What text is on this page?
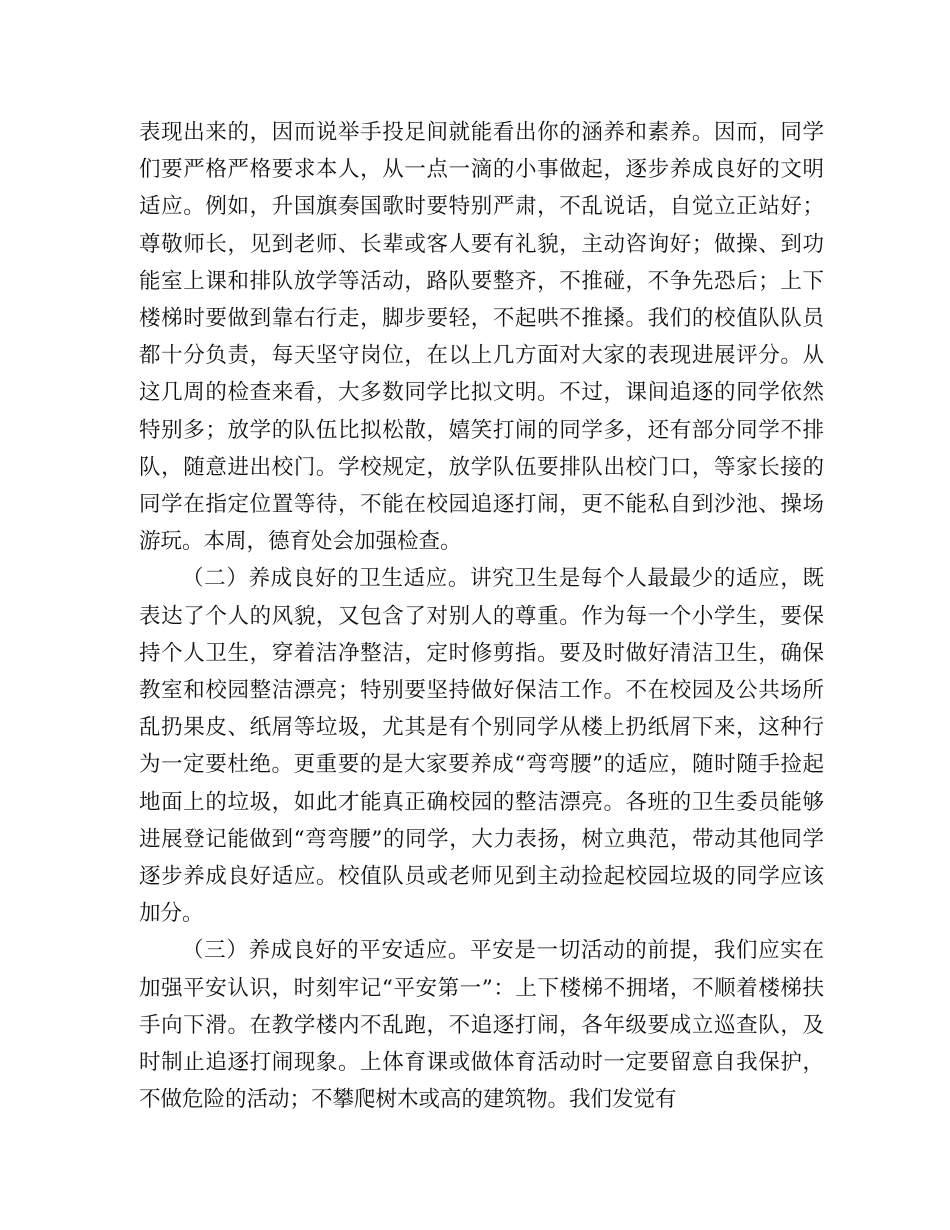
表现出来的，因而说举手投足间就能看出你的涵养和素养。因而，同学们要严格严格要求本人，从一点一滴的小事做起，逐步养成良好的文明适应。例如，升国旗奏国歌时要特别严肃，不乱说话，自觉立正站好；尊敬师长，见到老师、长辈或客人要有礼貌，主动咨询好；做操、到功能室上课和排队放学等活动，路队要整齐，不推碰，不争先恐后；上下楼梯时要做到靠右行走，脚步要轻，不起哄不推搡。我们的校值队队员都十分负责，每天坚守岗位，在以上几方面对大家的表现进展评分。从这几周的检查来看，大多数同学比拟文明。不过，课间追逐的同学依然特别多；放学的队伍比拟松散，嬉笑打闹的同学多，还有部分同学不排队，随意进出校门。学校规定，放学队伍要排队出校门口，等家长接的同学在指定位置等待，不能在校园追逐打闹，更不能私自到沙池、操场游玩。本周，德育处会加强检查。

（二）养成良好的卫生适应。讲究卫生是每个人最最少的适应，既表达了个人的风貌，又包含了对别人的尊重。作为每一个小学生，要保持个人卫生，穿着洁净整洁，定时修剪指。要及时做好清洁卫生，确保教室和校园整洁漂亮；特别要坚持做好保洁工作。不在校园及公共场所乱扔果皮、纸屑等垃圾，尤其是有个别同学从楼上扔纸屑下来，这种行为一定要杜绝。更重要的是大家要养成“弯弯腰”的适应，随时随手捡起地面上的垃圾，如此才能真正确校园的整洁漂亮。各班的卫生委员能够进展登记能做到“弯弯腰”的同学，大力表扬，树立典范，带动其他同学逐步养成良好适应。校值队员或老师见到主动捡起校园垃圾的同学应该加分。

（三）养成良好的平安适应。平安是一切活动的前提，我们应实在加强平安认识，时刻牢记“平安第一”：上下楼梯不拥堵，不顺着楼梯扶手向下滑。在教学楼内不乱跑，不追逐打闹，各年级要成立巡查队，及时制止追逐打闹现象。上体育课或做体育活动时一定要留意自我保护，不做危险的活动；不攀爬树木或高的建筑物。我们发觉有
